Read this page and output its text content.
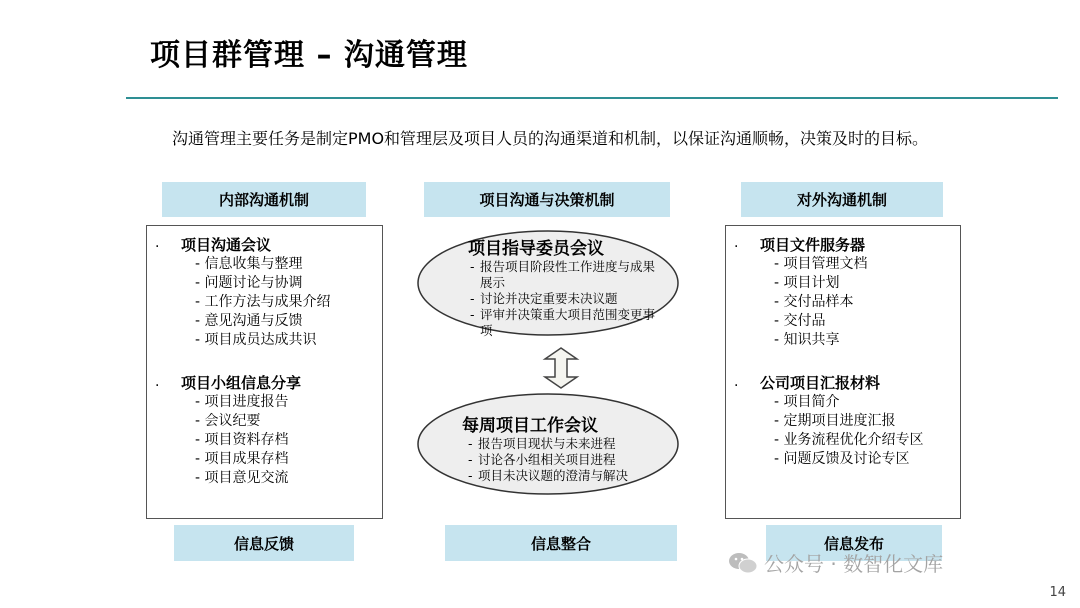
项目群管理 – 沟通管理
沟通管理主要任务是制定PMO和管理层及项目人员的沟通渠道和机制，以保证沟通顺畅，决策及时的目标。
内部沟通机制	项目沟通与决策机制	对外沟通机制
· 项目沟通会议
- 信息收集与整理
- 问题讨论与协调
- 工作方法与成果介绍
- 意见沟通与反馈
- 项目成员达成共识
· 项目小组信息分享
- 项目进度报告
- 会议纪要
- 项目资料存档
- 项目成果存档
- 项目意见交流
项目指导委员会议
- 报告项目阶段性工作进度与成果展示
- 讨论并决定重要未决议题
- 评审并决策重大项目范围变更事项
每周项目工作会议
- 报告项目现状与未来进程
- 讨论各小组相关项目进程
- 项目未决议题的澄清与解决
· 项目文件服务器
- 项目管理文档
- 项目计划
- 交付品样本
- 交付品
- 知识共享
· 公司项目汇报材料
- 项目简介
- 定期项目进度汇报
- 业务流程优化介绍专区
- 问题反馈及讨论专区
信息反馈	信息整合	信息发布
公众号 · 数智化文库
14
